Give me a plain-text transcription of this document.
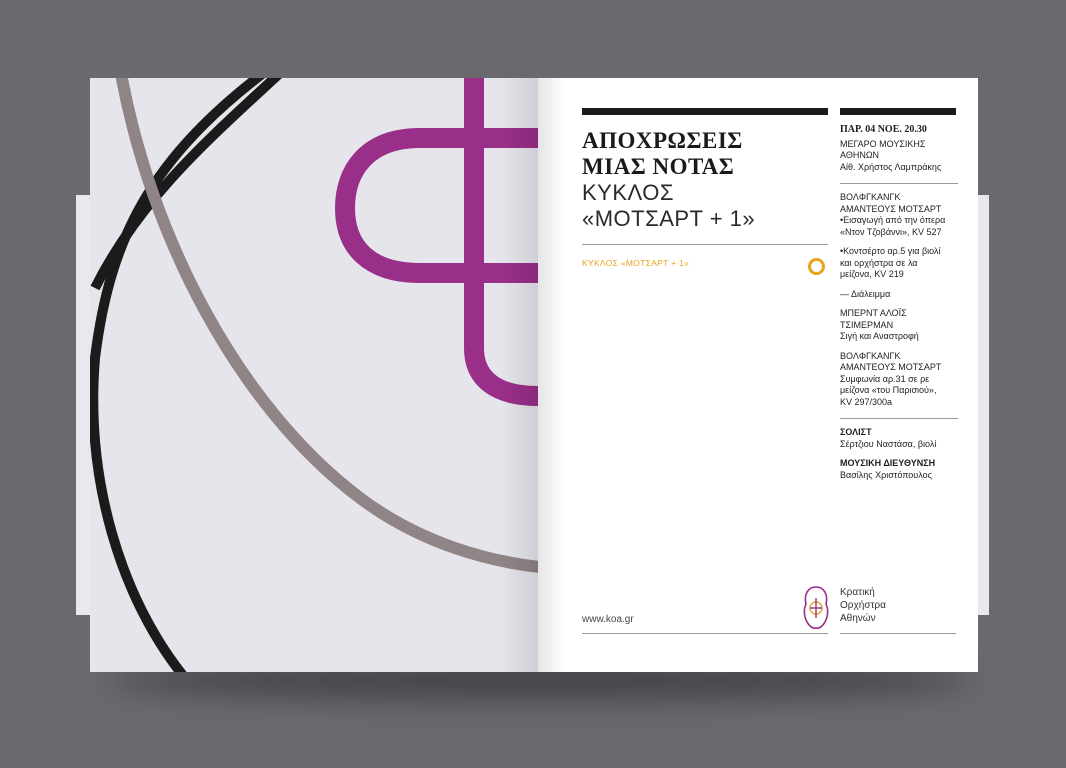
ΑΠΟΧΡΩΣΕΙΣ
ΜΙΑΣ ΝΟΤΑΣ
ΚΥΚΛΟΣ
«ΜΟΤΣΑΡΤ + 1»
ΚΥΚΛΟΣ «ΜΟΤΣΑΡΤ + 1»
www.koa.gr

ΠΑΡ. 04 ΝΟΕ. 20.30

ΜΕΓΑΡΟ ΜΟΥΣΙΚΗΣ

ΑΘΗΝΩΝ

Αίθ. Χρήστος Λαμπράκης

ΒΟΛΦΓΚΑΝΓΚ

ΑΜΑΝΤΕΟΥΣ ΜΟΤΣΑΡΤ

•Εισαγωγή από την όπερα

«Ντον Τζοβάννι», KV 527

•Κοντσέρτο αρ.5 για βιολί

και ορχήστρα σε λα

μείζονα, KV 219

— Διάλειμμα

ΜΠΕΡΝΤ ΑΛΟΪΣ

ΤΣΙΜΕΡΜΑΝ

Σιγή και Αναστροφή

ΒΟΛΦΓΚΑΝΓΚ

ΑΜΑΝΤΕΟΥΣ ΜΟΤΣΑΡΤ

Συμφωνία αρ.31 σε ρε

μείζονα «του Παρισιού»,

KV 297/300a

ΣΟΛΙΣΤ

Σέρτζιου Ναστάσα, βιολί

ΜΟΥΣΙΚΗ ΔΙΕΥΘΥΝΣΗ

Βασίλης Χριστόπουλος

Κρατική
Ορχήστρα
Αθηνών
